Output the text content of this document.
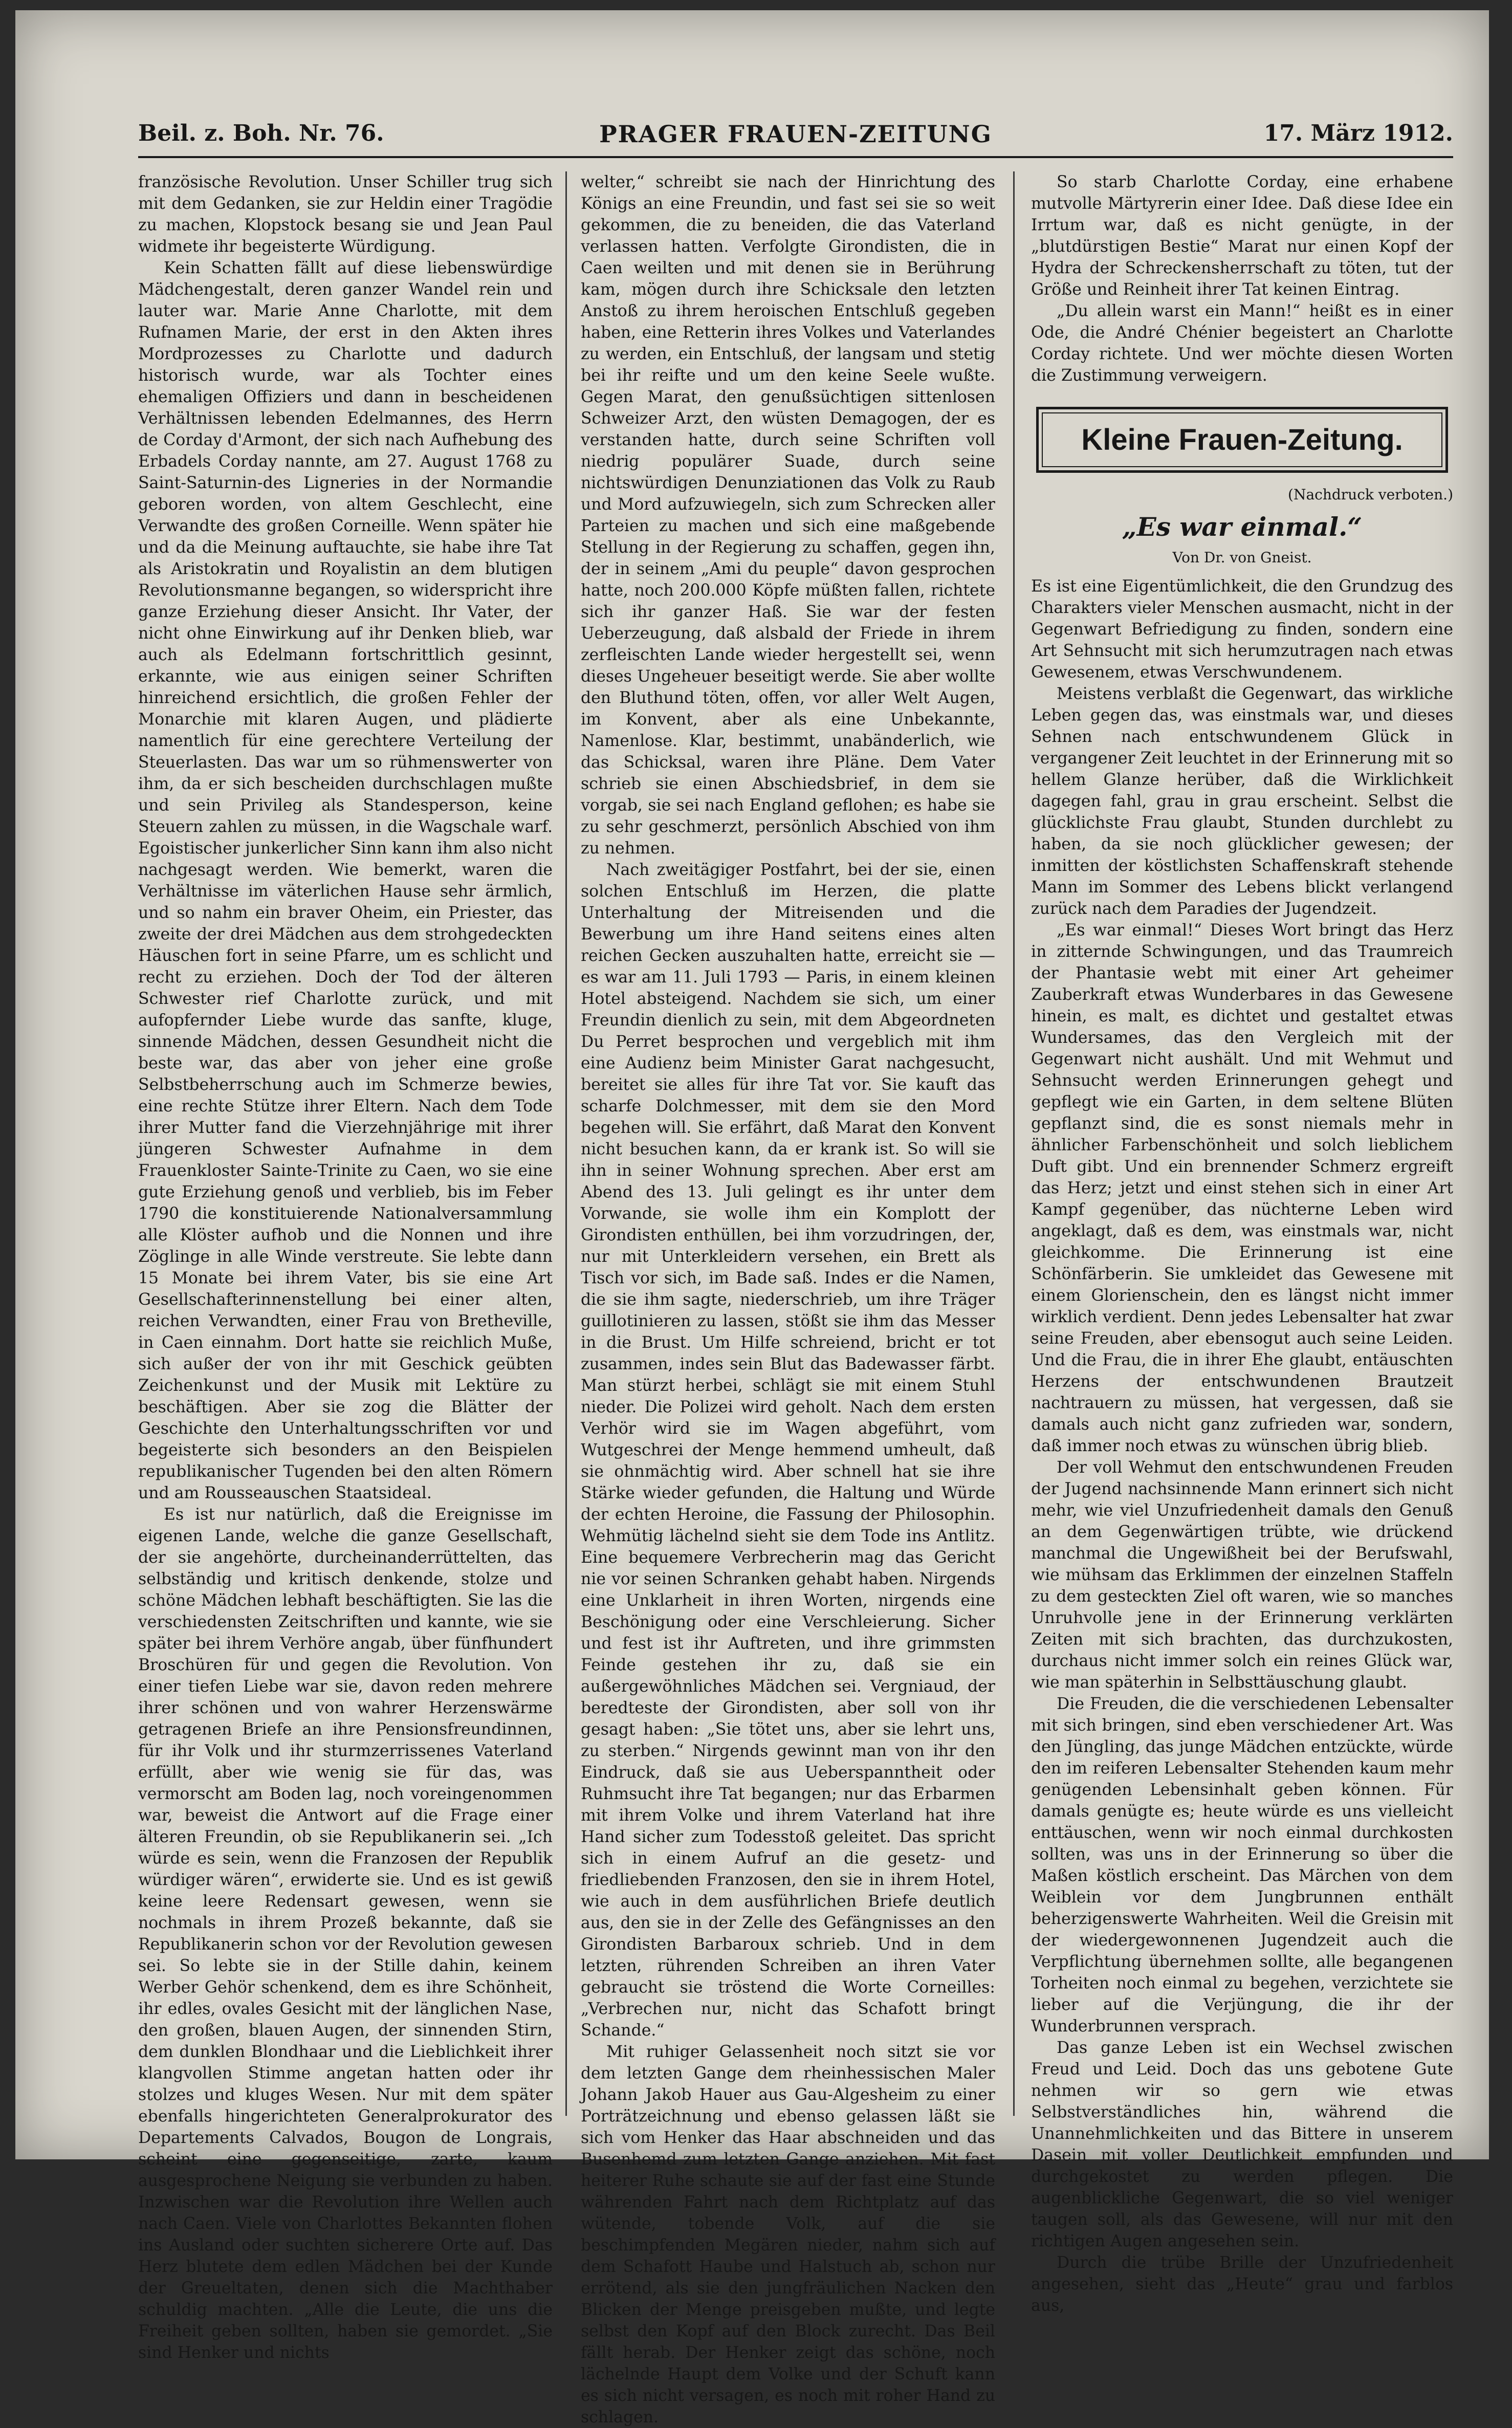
Beil. z. Boh. Nr. 76.	PRAGER FRAUEN-ZEITUNG	17. März 1912.

französische Revolution. Unser Schiller trug sich mit dem Gedanken, sie zur Heldin einer Tragödie zu machen, Klopstock besang sie und Jean Paul widmete ihr begeisterte Würdigung.

Kein Schatten fällt auf diese liebenswürdige Mädchengestalt, deren ganzer Wandel rein und lauter war. Marie Anne Charlotte, mit dem Rufnamen Marie, der erst in den Akten ihres Mordprozesses zu Charlotte und dadurch historisch wurde, war als Tochter eines ehemaligen Offiziers und dann in bescheidenen Verhältnissen lebenden Edelmannes, des Herrn de Corday d'Armont, der sich nach Aufhebung des Erbadels Corday nannte, am 27. August 1768 zu Saint-Saturnin-des Ligneries in der Normandie geboren worden, von altem Geschlecht, eine Verwandte des großen Corneille. Wenn später hie und da die Meinung auftauchte, sie habe ihre Tat als Aristokratin und Royalistin an dem blutigen Revolutionsmanne begangen, so widerspricht ihre ganze Erziehung dieser Ansicht. Ihr Vater, der nicht ohne Einwirkung auf ihr Denken blieb, war auch als Edelmann fortschrittlich gesinnt, erkannte, wie aus einigen seiner Schriften hinreichend ersichtlich, die großen Fehler der Monarchie mit klaren Augen, und plädierte namentlich für eine gerechtere Verteilung der Steuerlasten. Das war um so rühmenswerter von ihm, da er sich bescheiden durchschlagen mußte und sein Privileg als Standesperson, keine Steuern zahlen zu müssen, in die Wagschale warf. Egoistischer junkerlicher Sinn kann ihm also nicht nachgesagt werden. Wie bemerkt, waren die Verhältnisse im väterlichen Hause sehr ärmlich, und so nahm ein braver Oheim, ein Priester, das zweite der drei Mädchen aus dem strohgedeckten Häuschen fort in seine Pfarre, um es schlicht und recht zu erziehen. Doch der Tod der älteren Schwester rief Charlotte zurück, und mit aufopfernder Liebe wurde das sanfte, kluge, sinnende Mädchen, dessen Gesundheit nicht die beste war, das aber von jeher eine große Selbstbeherrschung auch im Schmerze bewies, eine rechte Stütze ihrer Eltern. Nach dem Tode ihrer Mutter fand die Vierzehnjährige mit ihrer jüngeren Schwester Aufnahme in dem Frauenkloster Sainte-Trinite zu Caen, wo sie eine gute Erziehung genoß und verblieb, bis im Feber 1790 die konstituierende Nationalversammlung alle Klöster aufhob und die Nonnen und ihre Zöglinge in alle Winde verstreute. Sie lebte dann 15 Monate bei ihrem Vater, bis sie eine Art Gesellschafterinnenstellung bei einer alten, reichen Verwandten, einer Frau von Bretheville, in Caen einnahm. Dort hatte sie reichlich Muße, sich außer der von ihr mit Geschick geübten Zeichenkunst und der Musik mit Lektüre zu beschäftigen. Aber sie zog die Blätter der Geschichte den Unterhaltungsschriften vor und begeisterte sich besonders an den Beispielen republikanischer Tugenden bei den alten Römern und am Rousseauschen Staatsideal.

Es ist nur natürlich, daß die Ereignisse im eigenen Lande, welche die ganze Gesellschaft, der sie angehörte, durcheinanderrüttelten, das selbständig und kritisch denkende, stolze und schöne Mädchen lebhaft beschäftigten. Sie las die verschiedensten Zeitschriften und kannte, wie sie später bei ihrem Verhöre angab, über fünfhundert Broschüren für und gegen die Revolution. Von einer tiefen Liebe war sie, davon reden mehrere ihrer schönen und von wahrer Herzenswärme getragenen Briefe an ihre Pensionsfreundinnen, für ihr Volk und ihr sturmzerrissenes Vaterland erfüllt, aber wie wenig sie für das, was vermorscht am Boden lag, noch voreingenommen war, beweist die Antwort auf die Frage einer älteren Freundin, ob sie Republikanerin sei. „Ich würde es sein, wenn die Franzosen der Republik würdiger wären“, erwiderte sie. Und es ist gewiß keine leere Redensart gewesen, wenn sie nochmals in ihrem Prozeß bekannte, daß sie Republikanerin schon vor der Revolution gewesen sei. So lebte sie in der Stille dahin, keinem Werber Gehör schenkend, dem es ihre Schönheit, ihr edles, ovales Gesicht mit der länglichen Nase, den großen, blauen Augen, der sinnenden Stirn, dem dunklen Blondhaar und die Lieblichkeit ihrer klangvollen Stimme angetan hatten oder ihr stolzes und kluges Wesen. Nur mit dem später ebenfalls hingerichteten Generalprokurator des Departements Calvados, Bougon de Longrais, scheint eine gegenseitige, zarte, kaum ausgesprochene Neigung sie verbunden zu haben. Inzwischen war die Revolution ihre Wellen auch nach Caen. Viele von Charlottes Bekannten flohen ins Ausland oder suchten sicherere Orte auf. Das Herz blutete dem edlen Mädchen bei der Kunde der Greueltaten, denen sich die Machthaber schuldig machten. „Alle die Leute, die uns die Freiheit geben sollten, haben sie gemordet. „Sie sind Henker und nichts

welter,“ schreibt sie nach der Hinrichtung des Königs an eine Freundin, und fast sei sie so weit gekommen, die zu beneiden, die das Vaterland verlassen hatten. Verfolgte Girondisten, die in Caen weilten und mit denen sie in Berührung kam, mögen durch ihre Schicksale den letzten Anstoß zu ihrem heroischen Entschluß gegeben haben, eine Retterin ihres Volkes und Vaterlandes zu werden, ein Entschluß, der langsam und stetig bei ihr reifte und um den keine Seele wußte. Gegen Marat, den genußsüchtigen sittenlosen Schweizer Arzt, den wüsten Demagogen, der es verstanden hatte, durch seine Schriften voll niedrig populärer Suade, durch seine nichtswürdigen Denunziationen das Volk zu Raub und Mord aufzuwiegeln, sich zum Schrecken aller Parteien zu machen und sich eine maßgebende Stellung in der Regierung zu schaffen, gegen ihn, der in seinem „Ami du peuple“ davon gesprochen hatte, noch 200.000 Köpfe müßten fallen, richtete sich ihr ganzer Haß. Sie war der festen Ueberzeugung, daß alsbald der Friede in ihrem zerfleischten Lande wieder hergestellt sei, wenn dieses Ungeheuer beseitigt werde. Sie aber wollte den Bluthund töten, offen, vor aller Welt Augen, im Konvent, aber als eine Unbekannte, Namenlose. Klar, bestimmt, unabänderlich, wie das Schicksal, waren ihre Pläne. Dem Vater schrieb sie einen Abschiedsbrief, in dem sie vorgab, sie sei nach England geflohen; es habe sie zu sehr geschmerzt, persönlich Abschied von ihm zu nehmen.

Nach zweitägiger Postfahrt, bei der sie, einen solchen Entschluß im Herzen, die platte Unterhaltung der Mitreisenden und die Bewerbung um ihre Hand seitens eines alten reichen Gecken auszuhalten hatte, erreicht sie — es war am 11. Juli 1793 — Paris, in einem kleinen Hotel absteigend. Nachdem sie sich, um einer Freundin dienlich zu sein, mit dem Abgeordneten Du Perret besprochen und vergeblich mit ihm eine Audienz beim Minister Garat nachgesucht, bereitet sie alles für ihre Tat vor. Sie kauft das scharfe Dolchmesser, mit dem sie den Mord begehen will. Sie erfährt, daß Marat den Konvent nicht besuchen kann, da er krank ist. So will sie ihn in seiner Wohnung sprechen. Aber erst am Abend des 13. Juli gelingt es ihr unter dem Vorwande, sie wolle ihm ein Komplott der Girondisten enthüllen, bei ihm vorzudringen, der, nur mit Unterkleidern versehen, ein Brett als Tisch vor sich, im Bade saß. Indes er die Namen, die sie ihm sagte, niederschrieb, um ihre Träger guillotinieren zu lassen, stößt sie ihm das Messer in die Brust. Um Hilfe schreiend, bricht er tot zusammen, indes sein Blut das Badewasser färbt. Man stürzt herbei, schlägt sie mit einem Stuhl nieder. Die Polizei wird geholt. Nach dem ersten Verhör wird sie im Wagen abgeführt, vom Wutgeschrei der Menge hemmend umheult, daß sie ohnmächtig wird. Aber schnell hat sie ihre Stärke wieder gefunden, die Haltung und Würde der echten Heroine, die Fassung der Philosophin. Wehmütig lächelnd sieht sie dem Tode ins Antlitz. Eine bequemere Verbrecherin mag das Gericht nie vor seinen Schranken gehabt haben. Nirgends eine Unklarheit in ihren Worten, nirgends eine Beschönigung oder eine Verschleierung. Sicher und fest ist ihr Auftreten, und ihre grimmsten Feinde gestehen ihr zu, daß sie ein außergewöhnliches Mädchen sei. Vergniaud, der beredteste der Girondisten, aber soll von ihr gesagt haben: „Sie tötet uns, aber sie lehrt uns, zu sterben.“ Nirgends gewinnt man von ihr den Eindruck, daß sie aus Ueberspanntheit oder Ruhmsucht ihre Tat begangen; nur das Erbarmen mit ihrem Volke und ihrem Vaterland hat ihre Hand sicher zum Todesstoß geleitet. Das spricht sich in einem Aufruf an die gesetz- und friedliebenden Franzosen, den sie in ihrem Hotel, wie auch in dem ausführlichen Briefe deutlich aus, den sie in der Zelle des Gefängnisses an den Girondisten Barbaroux schrieb. Und in dem letzten, rührenden Schreiben an ihren Vater gebraucht sie tröstend die Worte Corneilles: „Verbrechen nur, nicht das Schafott bringt Schande.“

Mit ruhiger Gelassenheit noch sitzt sie vor dem letzten Gange dem rheinhessischen Maler Johann Jakob Hauer aus Gau-Algesheim zu einer Porträtzeichnung und ebenso gelassen läßt sie sich vom Henker das Haar abschneiden und das Busenhemd zum letzten Gange anziehen. Mit fast heiterer Ruhe schaute sie auf der fast eine Stunde währenden Fahrt nach dem Richtplatz auf das wütende, tobende Volk, auf die sie beschimpfenden Megären nieder, nahm sich auf dem Schafott Haube und Halstuch ab, schon nur errötend, als sie den jungfräulichen Nacken den Blicken der Menge preisgeben mußte, und legte selbst den Kopf auf den Block zurecht. Das Beil fällt herab. Der Henker zeigt das schöne, noch lächelnde Haupt dem Volke und der Schuft kann es sich nicht versagen, es noch mit roher Hand zu schlagen.

So starb Charlotte Corday, eine erhabene mutvolle Märtyrerin einer Idee. Daß diese Idee ein Irrtum war, daß es nicht genügte, in der „blutdürstigen Bestie“ Marat nur einen Kopf der Hydra der Schreckensherrschaft zu töten, tut der Größe und Reinheit ihrer Tat keinen Eintrag.

„Du allein warst ein Mann!“ heißt es in einer Ode, die André Chénier begeistert an Charlotte Corday richtete. Und wer möchte diesen Worten die Zustimmung verweigern.

Kleine Frauen-Zeitung.
(Nachdruck verboten.)
„Es war einmal.“
Von Dr. von Gneist.

Es ist eine Eigentümlichkeit, die den Grundzug des Charakters vieler Menschen ausmacht, nicht in der Gegenwart Befriedigung zu finden, sondern eine Art Sehnsucht mit sich herumzutragen nach etwas Gewesenem, etwas Verschwundenem.

Meistens verblaßt die Gegenwart, das wirkliche Leben gegen das, was einstmals war, und dieses Sehnen nach entschwundenem Glück in vergangener Zeit leuchtet in der Erinnerung mit so hellem Glanze herüber, daß die Wirklichkeit dagegen fahl, grau in grau erscheint. Selbst die glücklichste Frau glaubt, Stunden durchlebt zu haben, da sie noch glücklicher gewesen; der inmitten der köstlichsten Schaffenskraft stehende Mann im Sommer des Lebens blickt verlangend zurück nach dem Paradies der Jugendzeit.

„Es war einmal!“ Dieses Wort bringt das Herz in zitternde Schwingungen, und das Traumreich der Phantasie webt mit einer Art geheimer Zauberkraft etwas Wunderbares in das Gewesene hinein, es malt, es dichtet und gestaltet etwas Wundersames, das den Vergleich mit der Gegenwart nicht aushält. Und mit Wehmut und Sehnsucht werden Erinnerungen gehegt und gepflegt wie ein Garten, in dem seltene Blüten gepflanzt sind, die es sonst niemals mehr in ähnlicher Farbenschönheit und solch lieblichem Duft gibt. Und ein brennender Schmerz ergreift das Herz; jetzt und einst stehen sich in einer Art Kampf gegenüber, das nüchterne Leben wird angeklagt, daß es dem, was einstmals war, nicht gleichkomme. Die Erinnerung ist eine Schönfärberin. Sie umkleidet das Gewesene mit einem Glorienschein, den es längst nicht immer wirklich verdient. Denn jedes Lebensalter hat zwar seine Freuden, aber ebensogut auch seine Leiden. Und die Frau, die in ihrer Ehe glaubt, entäuschten Herzens der entschwundenen Brautzeit nachtrauern zu müssen, hat vergessen, daß sie damals auch nicht ganz zufrieden war, sondern, daß immer noch etwas zu wünschen übrig blieb.

Der voll Wehmut den entschwundenen Freuden der Jugend nachsinnende Mann erinnert sich nicht mehr, wie viel Unzufriedenheit damals den Genuß an dem Gegenwärtigen trübte, wie drückend manchmal die Ungewißheit bei der Berufswahl, wie mühsam das Erklimmen der einzelnen Staffeln zu dem gesteckten Ziel oft waren, wie so manches Unruhvolle jene in der Erinnerung verklärten Zeiten mit sich brachten, das durchzukosten, durchaus nicht immer solch ein reines Glück war, wie man späterhin in Selbsttäuschung glaubt.

Die Freuden, die die verschiedenen Lebensalter mit sich bringen, sind eben verschiedener Art. Was den Jüngling, das junge Mädchen entzückte, würde den im reiferen Lebensalter Stehenden kaum mehr genügenden Lebensinhalt geben können. Für damals genügte es; heute würde es uns vielleicht enttäuschen, wenn wir noch einmal durchkosten sollten, was uns in der Erinnerung so über die Maßen köstlich erscheint. Das Märchen von dem Weiblein vor dem Jungbrunnen enthält beherzigenswerte Wahrheiten. Weil die Greisin mit der wiedergewonnenen Jugendzeit auch die Verpflichtung übernehmen sollte, alle begangenen Torheiten noch einmal zu begehen, verzichtete sie lieber auf die Verjüngung, die ihr der Wunderbrunnen versprach.

Das ganze Leben ist ein Wechsel zwischen Freud und Leid. Doch das uns gebotene Gute nehmen wir so gern wie etwas Selbstverständliches hin, während die Unannehmlichkeiten und das Bittere in unserem Dasein mit voller Deutlichkeit empfunden und durchgekostet zu werden pflegen. Die augenblickliche Gegenwart, die so viel weniger taugen soll, als das Gewesene, will nur mit den richtigen Augen angesehen sein.

Durch die trübe Brille der Unzufriedenheit angesehen, sieht das „Heute“ grau und farblos aus,
